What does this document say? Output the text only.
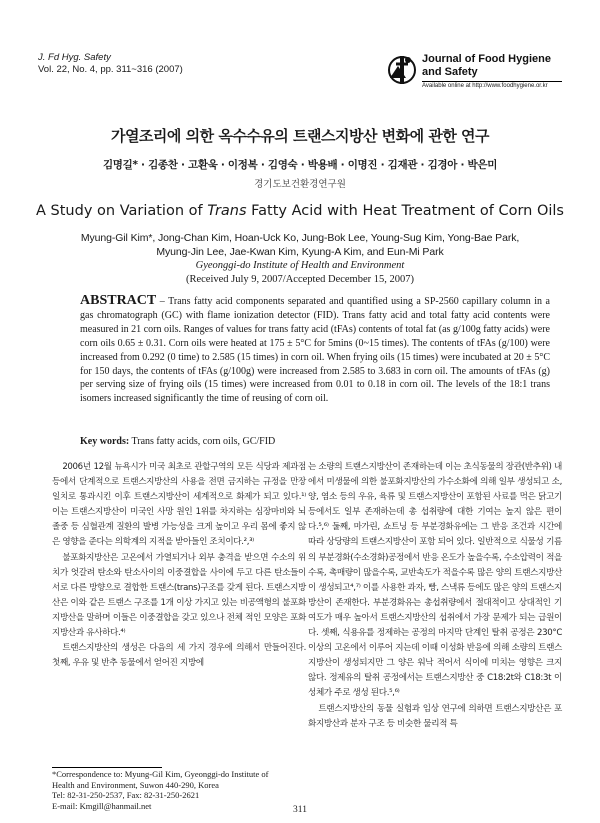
J. Fd Hyg. Safety
Vol. 22, No. 4, pp. 311~316 (2007)
Journal of Food Hygiene
and Safety
Available online at http://www.foodhygiene.or.kr
가열조리에 의한 옥수수유의 트랜스지방산 변화에 관한 연구
김명길* · 김종찬 · 고환욱 · 이정복 · 김영숙 · 박용배 · 이명진 · 김재관 · 김경아 · 박은미
경기도보건환경연구원
A Study on Variation of Trans Fatty Acid with Heat Treatment of Corn Oils
Myung-Gil Kim*, Jong-Chan Kim, Hoan-Uck Ko, Jung-Bok Lee, Young-Sug Kim, Yong-Bae Park,
Myung-Jin Lee, Jae-Kwan Kim, Kyung-A Kim, and Eun-Mi Park
Gyeonggi-do Institute of Health and Environment
(Received July 9, 2007/Accepted December 15, 2007)
ABSTRACT – Trans fatty acid components separated and quantified using a SP-2560 capillary column in a gas chromatograph (GC) with flame ionization detector (FID). Trans fatty acid and total fatty acid contents were measured in 21 corn oils. Ranges of values for trans fatty acid (tFAs) contents of total fat (as g/100g fatty acids) were corn oils 0.65 ± 0.31. Corn oils were heated at 175 ± 5°C for 5mins (0~15 times). The contents of tFAs (g/100) were increased from 0.292 (0 time) to 2.585 (15 times) in corn oil. When frying oils (15 times) were incubated at 20 ± 5°C for 150 days, the contents of tFAs (g/100g) were increased from 2.585 to 3.683 in corn oil. The amounts of tFAs (g) per serving size of frying oils (15 times) were increased from 0.01 to 0.18 in corn oil. The levels of the 18:1 trans isomers increased significantly the time of reusing of corn oil.
Key words: Trans fatty acids, corn oils, GC/FID

2006년 12월 뉴욕시가 미국 최초로 관할구역의 모든 식당과 제과점 등에서 단계적으로 트랜스지방산의 사용을 전면 금지하는 규정을 만장일치로 통과시킨 이후 트랜스지방산이 세계적으로 화제가 되고 있다.¹⁾ 이는 트랜스지방산이 미국인 사망 원인 1위를 차지하는 심장마비와 뇌졸중 등 심혈관계 질환의 발병 가능성을 크게 높이고 우리 몸에 좋지 않은 영향을 준다는 의학계의 지적을 받아들인 조치이다.²,³⁾

불포화지방산은 고온에서 가열되거나 외부 충격을 받으면 수소의 위치가 엇갈려 탄소와 탄소사이의 이중결합을 사이에 두고 다른 탄소들이 서로 다른 방향으로 결합한 트랜스(trans)구조를 갖게 된다. 트랜스지방산은 이와 같은 트랜스 구조를 1개 이상 가지고 있는 비공액형의 불포화지방산을 말하며 이들은 이중결합을 갖고 있으나 전체 적인 모양은 포화지방산과 유사하다.⁴⁾

트랜스지방산의 생성은 다음의 세 가지 경우에 의해서 만들어진다. 첫째, 우유 및 반추 동물에서 얻어진 지방에

는 소량의 트랜스지방산이 존재하는데 이는 초식동물의 장관(반추위) 내에서 미생물에 의한 불포화지방산의 가수소화에 의해 일부 생성되고 소, 양, 염소 등의 우유, 육류 및 트랜스지방산이 포함된 사료를 먹은 닭고기 등에서도 일부 존재하는데 총 섭취량에 대한 기여는 높지 않은 편이다.⁵,⁶⁾ 둘째, 마가린, 쇼트닝 등 부분경화유에는 그 반응 조건과 시간에 따라 상당량의 트랜스지방산이 포함 되어 있다. 일반적으로 식물성 기름의 부분경화(수소경화)공정에서 반응 온도가 높을수록, 수소압력이 적을수록, 촉매량이 많을수록, 교반속도가 적을수록 많은 양의 트랜스지방산이 생성되고⁴,⁷⁾ 이를 사용한 과자, 빵, 스낵류 등에도 많은 양의 트랜스지방산이 존재한다. 부분경화유는 총섭취량에서 절대적이고 상대적인 기여도가 매우 높아서 트랜스지방산의 섭취에서 가장 문제가 되는 급원이다. 셋째, 식용유를 정제하는 공정의 마지막 단계인 탈취 공정은 230°C 이상의 고온에서 이루어 지는데 이때 이성화 반응에 의해 소량의 트랜스지방산이 생성되지만 그 양은 워낙 적어서 식이에 미치는 영향은 크지 않다. 정제유의 탈취 공정에서는 트랜스지방산 중 C18:2t와 C18:3t 이성체가 주로 생성 된다.⁵,⁶⁾

트랜스지방산의 동물 실험과 임상 연구에 의하면 트랜스지방산은 포화지방산과 분자 구조 등 비슷한 물리적 특

*Correspondence to: Myung-Gil Kim, Gyeonggi-do Institute of
Health and Environment, Suwon 440-290, Korea
Tel: 82-31-250-2537, Fax: 82-31-250-2621
E-mail: Kmgill@hanmail.net	311
